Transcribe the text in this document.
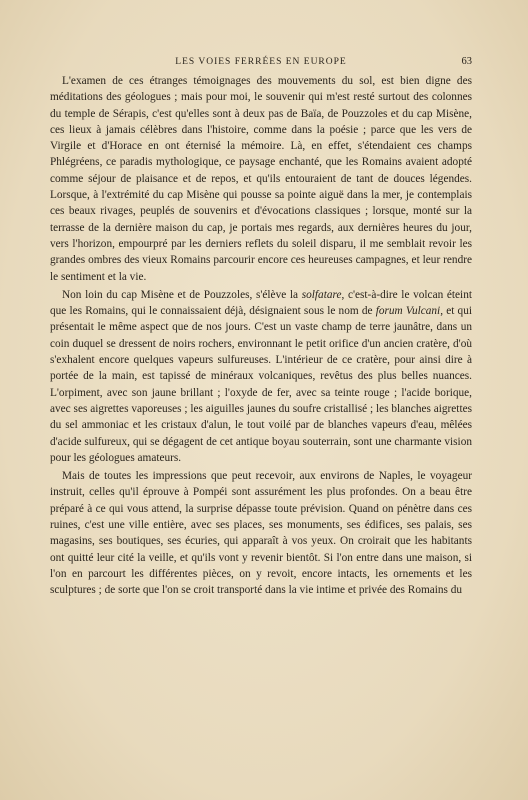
LES VOIES FERRÉES EN EUROPE	63

L'examen de ces étranges témoignages des mouvements du sol, est bien digne des méditations des géologues ; mais pour moi, le souvenir qui m'est resté surtout des colonnes du temple de Sérapis, c'est qu'elles sont à deux pas de Baïa, de Pouzzoles et du cap Misène, ces lieux à jamais célèbres dans l'histoire, comme dans la poésie ; parce que les vers de Virgile et d'Horace en ont éternisé la mémoire. Là, en effet, s'étendaient ces champs Phlégréens, ce paradis mythologique, ce paysage enchanté, que les Romains avaient adopté comme séjour de plaisance et de repos, et qu'ils entouraient de tant de douces légendes. Lorsque, à l'extrémité du cap Misène qui pousse sa pointe aiguë dans la mer, je contemplais ces beaux rivages, peuplés de souvenirs et d'évocations classiques ; lorsque, monté sur la terrasse de la dernière maison du cap, je portais mes regards, aux dernières heures du jour, vers l'horizon, empourpré par les derniers reflets du soleil disparu, il me semblait revoir les grandes ombres des vieux Romains parcourir encore ces heureuses campagnes, et leur rendre le sentiment et la vie.

Non loin du cap Misène et de Pouzzoles, s'élève la solfatare, c'est-à-dire le volcan éteint que les Romains, qui le connaissaient déjà, désignaient sous le nom de forum Vulcani, et qui présentait le même aspect que de nos jours. C'est un vaste champ de terre jaunâtre, dans un coin duquel se dressent de noirs rochers, environnant le petit orifice d'un ancien cratère, d'où s'exhalent encore quelques vapeurs sulfureuses. L'intérieur de ce cratère, pour ainsi dire à portée de la main, est tapissé de minéraux volcaniques, revêtus des plus belles nuances. L'orpiment, avec son jaune brillant ; l'oxyde de fer, avec sa teinte rouge ; l'acide borique, avec ses aigrettes vaporeuses ; les aiguilles jaunes du soufre cristallisé ; les blanches aigrettes du sel ammoniac et les cristaux d'alun, le tout voilé par de blanches vapeurs d'eau, mêlées d'acide sulfureux, qui se dégagent de cet antique boyau souterrain, sont une charmante vision pour les géologues amateurs.

Mais de toutes les impressions que peut recevoir, aux environs de Naples, le voyageur instruit, celles qu'il éprouve à Pompéi sont assurément les plus profondes. On a beau être préparé à ce qui vous attend, la surprise dépasse toute prévision. Quand on pénètre dans ces ruines, c'est une ville entière, avec ses places, ses monuments, ses édifices, ses palais, ses magasins, ses boutiques, ses écuries, qui apparaît à vos yeux. On croirait que les habitants ont quitté leur cité la veille, et qu'ils vont y revenir bientôt. Si l'on entre dans une maison, si l'on en parcourt les différentes pièces, on y revoit, encore intacts, les ornements et les sculptures ; de sorte que l'on se croit transporté dans la vie intime et privée des Romains du
